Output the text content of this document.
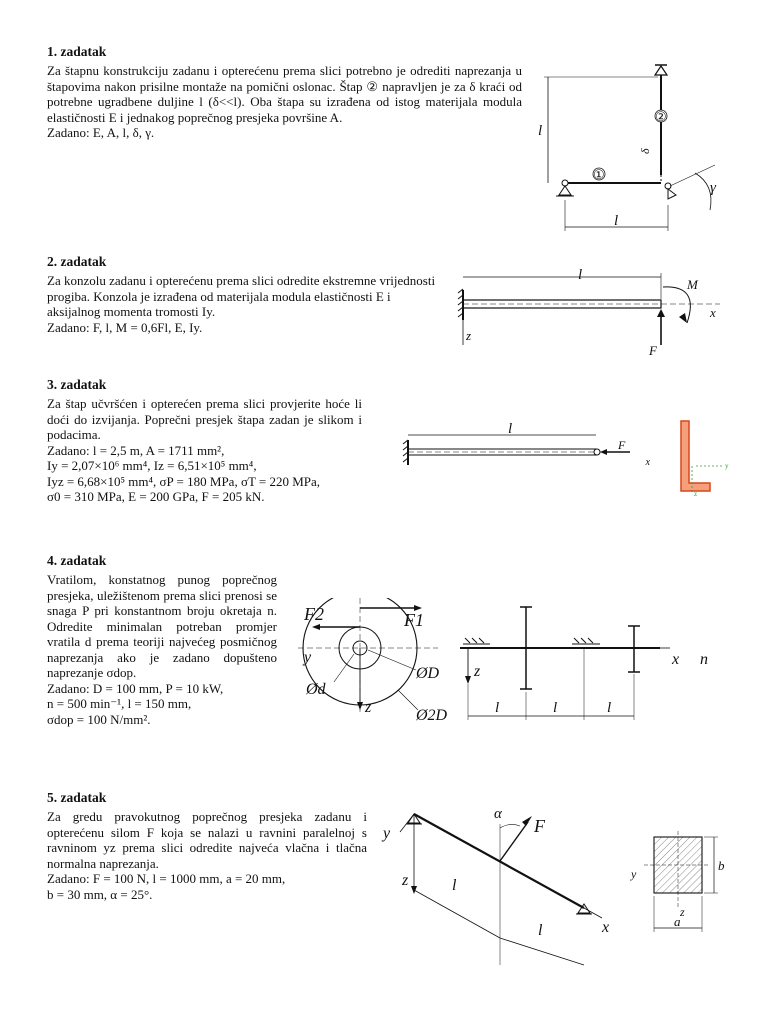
1. zadatak

Za štapnu konstrukciju zadanu i opterećenu prema slici potrebno je odrediti naprezanja u štapovima nakon prisilne montaže na pomični oslonac. Štap ② napravljen je za δ kraći od potrebne ugradbene duljine l (δ<<l). Oba štapa su izrađena od istog materijala modula elastičnosti E i jednakog poprečnog presjeka površine A.
Zadano: E, A, l, δ, γ.

δ
l
l
①
②
γ
2. zadatak

Za konzolu zadanu i opterećenu prema slici odredite ekstremne vrijednosti progiba. Konzola je izrađena od materijala modula elastičnosti E i aksijalnog momenta tromosti Iy.
Zadano: F, l, M = 0,6Fl, E, Iy.

l
M
x
z
F
3. zadatak

Za štap učvršćen i opterećen prema slici provjerite hoće li doći do izvijanja. Poprečni presjek štapa zadan je slikom i podacima.
Zadano: l = 2,5 m, A = 1711 mm²,
Iy = 2,07×10⁶ mm⁴, Iz = 6,51×10⁵ mm⁴,
Iyz = 6,68×10⁵ mm⁴, σP = 180 MPa, σT = 220 MPa,
σ0 = 310 MPa, E = 200 GPa, F = 205 kN.

l
F
x	y
z
4. zadatak

Vratilom, konstatnog punog poprečnog presjeka, uležištenom prema slici prenosi se snaga P pri konstantnom broju okretaja n. Odredite minimalan potreban promjer vratila d prema teoriji najvećeg posmičnog naprezanja ako je zadano dopušteno naprezanje σdop.
Zadano: D = 100 mm, P = 10 kW,
n = 500 min⁻¹, l = 150 mm,
σdop = 100 N/mm².

F2	F1
y
z
ØD
Ød
Ø2D
z
x n
l	l	l
5. zadatak

Za gredu pravokutnog poprečnog presjeka zadanu i opterećenu silom F koja se nalazi u ravnini paralelnoj s ravninom yz prema slici odredite najveća vlačna i tlačna normalna naprezanja.
Zadano: F = 100 N, l = 1000 mm, a = 20 mm,
b = 30 mm, α = 25°.

z
y
α
F
l
l	x
y
z
a
b
